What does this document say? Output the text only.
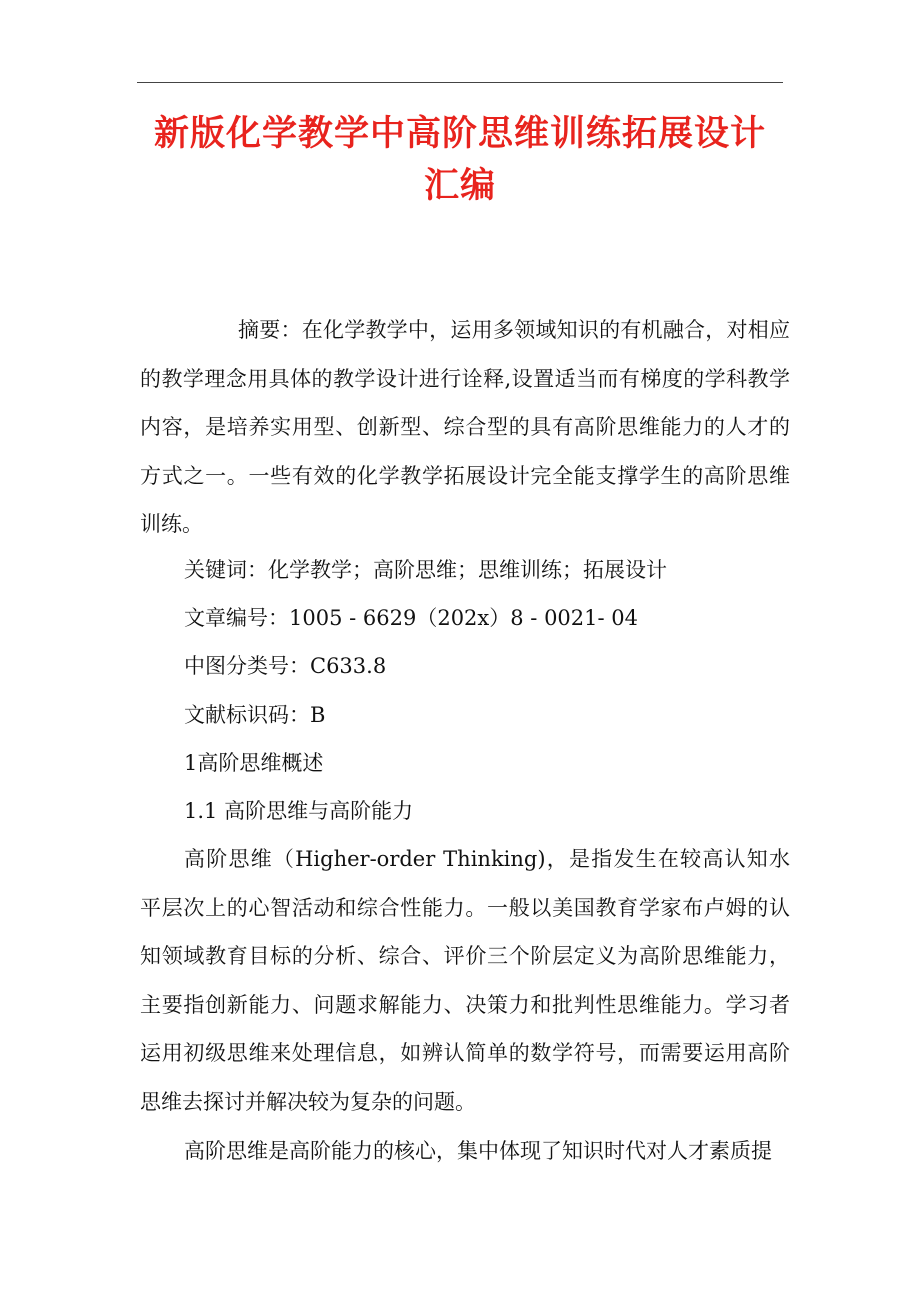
新版化学教学中高阶思维训练拓展设计汇编

摘要：在化学教学中，运用多领域知识的有机融合，对相应的教学理念用具体的教学设计进行诠释,设置适当而有梯度的学科教学内容，是培养实用型、创新型、综合型的具有高阶思维能力的人才的方式之一。一些有效的化学教学拓展设计完全能支撑学生的高阶思维训练。

关键词：化学教学；高阶思维；思维训练；拓展设计

文章编号：1005 - 6629（202x）8 - 0021- 04

中图分类号：C633.8

文献标识码：B

1高阶思维概述

1.1 高阶思维与高阶能力

高阶思维（Higher-order Thinking)，是指发生在较高认知水平层次上的心智活动和综合性能力。一般以美国教育学家布卢姆的认知领域教育目标的分析、综合、评价三个阶层定义为高阶思维能力，主要指创新能力、问题求解能力、决策力和批判性思维能力。学习者运用初级思维来处理信息，如辨认简单的数学符号，而需要运用高阶思维去探讨并解决较为复杂的问题。

高阶思维是高阶能力的核心，集中体现了知识时代对人才素质提
